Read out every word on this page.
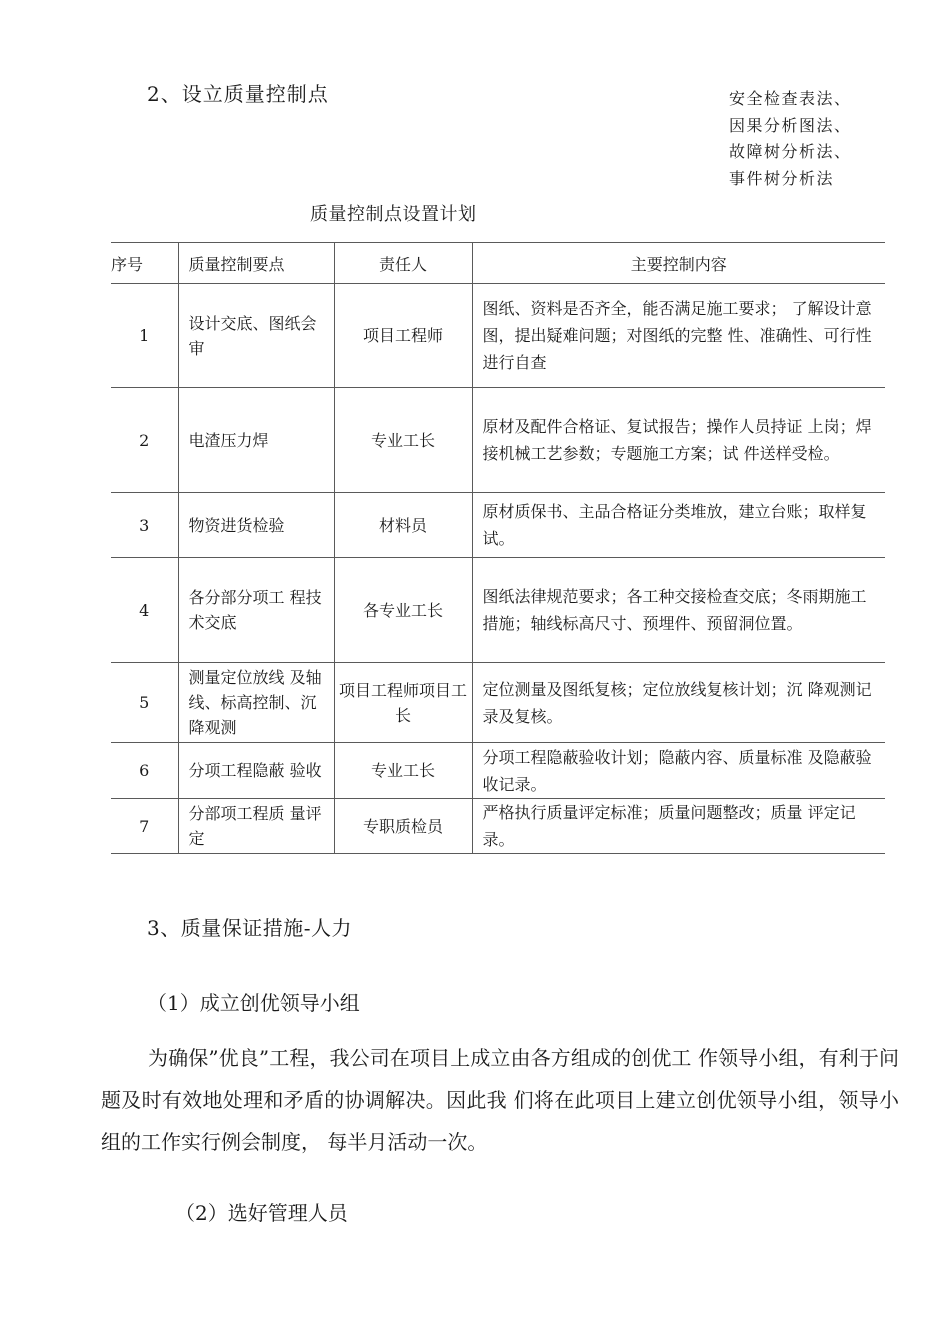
2、设立质量控制点	安全检查表法、
因果分析图法、
故障树分析法、
事件树分析法
质量控制点设置计划
序号	质量控制要点	责任人	主要控制内容
1	设计交底、图纸会审	项目工程师	图纸、资料是否齐全，能否满足施工要求； 了解设计意图，提出疑难问题；对图纸的完整 性、准确性、可行性进行自查
2	电渣压力焊	专业工长	原材及配件合格证、复试报告；操作人员持证 上岗；焊接机械工艺参数；专题施工方案；试 件送样受检。
3	物资进货检验	材料员	原材质保书、主品合格证分类堆放，建立台账；取样复试。
4	各分部分项工 程技术交底	各专业工长	图纸法律规范要求；各工种交接检查交底；冬雨期施工措施；轴线标高尺寸、预埋件、预留洞位置。
5	测量定位放线 及轴线、标高控制、沉降观测	项目工程师项目工长	定位测量及图纸复核；定位放线复核计划；沉 降观测记录及复核。
6	分项工程隐蔽 验收	专业工长	分项工程隐蔽验收计划；隐蔽内容、质量标准 及隐蔽验收记录。
7	分部项工程质 量评定	专职质检员	严格执行质量评定标准；质量问题整改；质量 评定记录。
3、质量保证措施-人力
（1）成立创优领导小组
为确保”优良”工程，我公司在项目上成立由各方组成的创优工 作领导小组，有利于问题及时有效地处理和矛盾的协调解决。因此我 们将在此项目上建立创优领导小组，领导小组的工作实行例会制度， 每半月活动一次。
（2）选好管理人员
